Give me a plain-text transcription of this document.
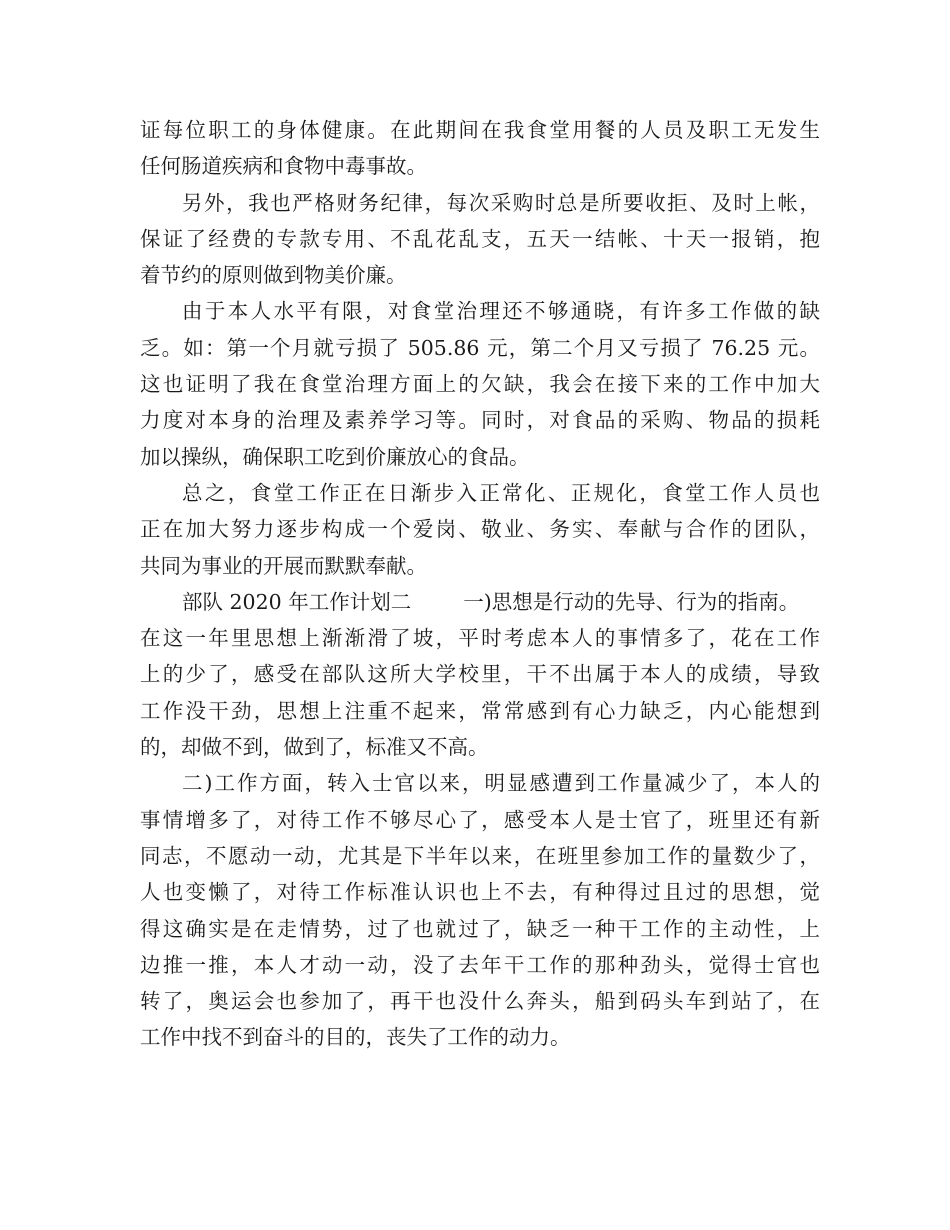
证每位职工的身体健康。在此期间在我食堂用餐的人员及职工无发生
任何肠道疾病和食物中毒事故。
另外，我也严格财务纪律，每次采购时总是所要收拒、及时上帐，
保证了经费的专款专用、不乱花乱支，五天一结帐、十天一报销，抱
着节约的原则做到物美价廉。
由于本人水平有限，对食堂治理还不够通晓，有许多工作做的缺
乏。如：第一个月就亏损了 505.86 元，第二个月又亏损了 76.25 元。
这也证明了我在食堂治理方面上的欠缺，我会在接下来的工作中加大
力度对本身的治理及素养学习等。同时，对食品的采购、物品的损耗
加以操纵，确保职工吃到价廉放心的食品。
总之，食堂工作正在日渐步入正常化、正规化，食堂工作人员也
正在加大努力逐步构成一个爱岗、敬业、务实、奉献与合作的团队，
共同为事业的开展而默默奉献。
部队 2020 年工作计划二	一)思想是行动的先导、行为的指南。
在这一年里思想上渐渐滑了坡，平时考虑本人的事情多了，花在工作
上的少了，感受在部队这所大学校里，干不出属于本人的成绩，导致
工作没干劲，思想上注重不起来，常常感到有心力缺乏，内心能想到
的，却做不到，做到了，标准又不高。
二)工作方面，转入士官以来，明显感遭到工作量减少了，本人的
事情增多了，对待工作不够尽心了，感受本人是士官了，班里还有新
同志，不愿动一动，尤其是下半年以来，在班里参加工作的量数少了，
人也变懒了，对待工作标准认识也上不去，有种得过且过的思想，觉
得这确实是在走情势，过了也就过了，缺乏一种干工作的主动性，上
边推一推，本人才动一动，没了去年干工作的那种劲头，觉得士官也
转了，奥运会也参加了，再干也没什么奔头，船到码头车到站了，在
工作中找不到奋斗的目的，丧失了工作的动力。
